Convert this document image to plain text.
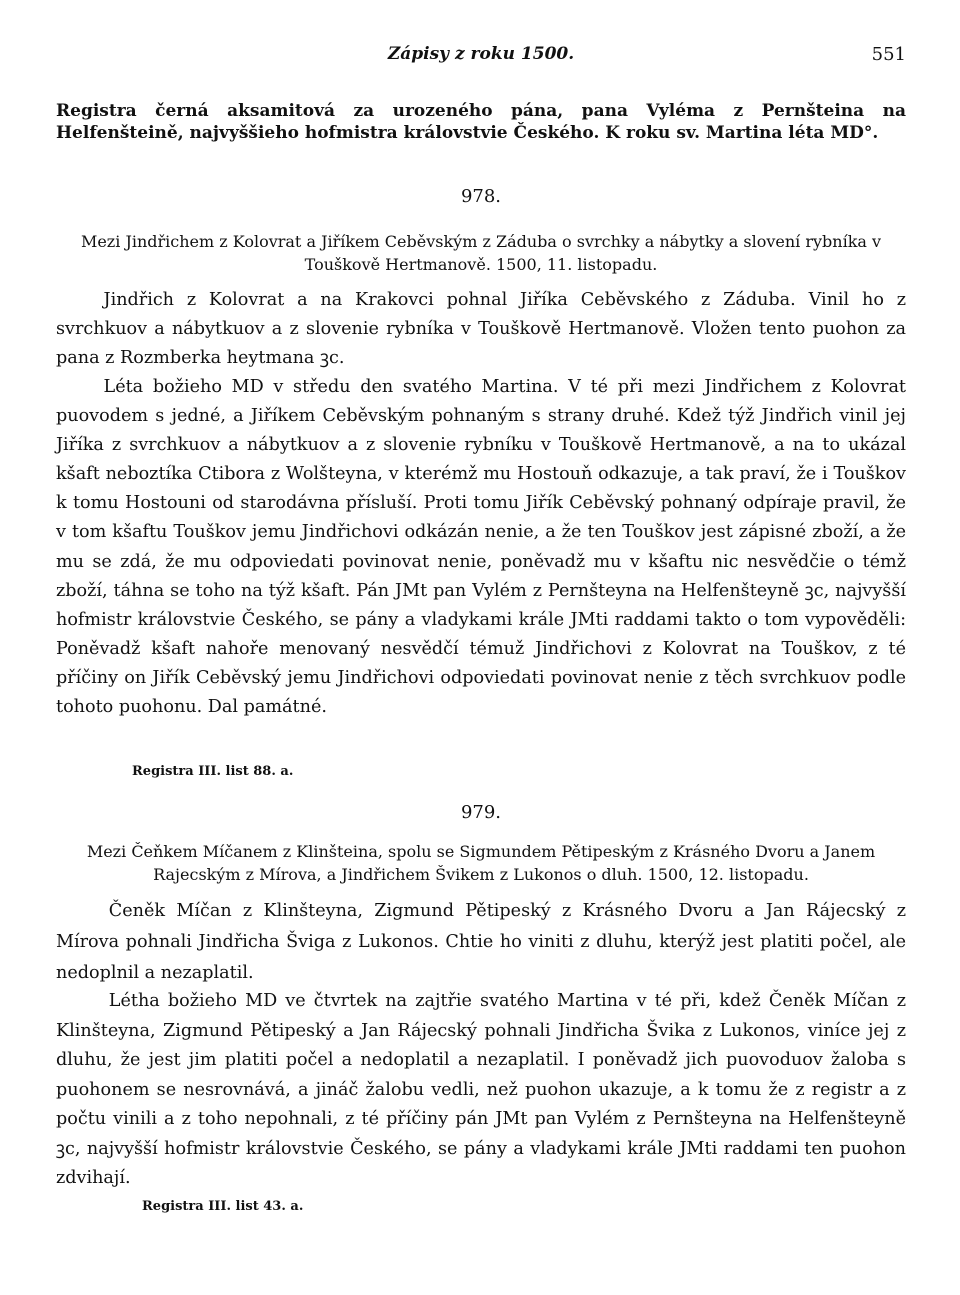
Zápisy z roku 1500.	551
Registra černá aksamitová za urozeného pána, pana Vyléma z Pernšteina na Helfenšteině, najvyššieho hofmistra královstvie Českého. K roku sv. Martina léta MD°.
978.
Mezi Jindřichem z Kolovrat a Jiříkem Ceběvským z Záduba o svrchky a nábytky a slovení rybníka v Touškově Hertmanově. 1500, 11. listopadu.
Jindřich z Kolovrat a na Krakovci pohnal Jiříka Ceběvského z Záduba. Vinil ho z svrchkuov a nábytkuov a z slovenie rybníka v Touškově Hertmanově. Vložen tento puohon za pana z Rozmberka heytmana ꝫc.
Léta božieho MD v středu den svatého Martina. V té při mezi Jindřichem z Kolovrat puovodem s jedné, a Jiříkem Ceběvským pohnaným s strany druhé. Kdež týž Jindřich vinil jej Jiříka z svrchkuov a nábytkuov a z slovenie rybníku v Touškově Hertmanově, a na to ukázal kšaft neboztíka Ctibora z Wolšteyna, v kterémž mu Hostouň odkazuje, a tak praví, že i Touškov k tomu Hostouni od starodávna přísluší. Proti tomu Jiřík Ceběvský pohnaný odpíraje pravil, že v tom kšaftu Touškov jemu Jindřichovi odkázán nenie, a že ten Touškov jest zápisné zboží, a že mu se zdá, že mu odpoviedati povinovat nenie, poněvadž mu v kšaftu nic nesvědčie o témž zboží, táhna se toho na týž kšaft. Pán JMt pan Vylém z Pernšteyna na Helfenšteyně ꝫc, najvyšší hofmistr královstvie Českého, se pány a vladykami krále JMti raddami takto o tom vypověděli: Poněvadž kšaft nahoře menovaný nesvědčí témuž Jindřichovi z Kolovrat na Touškov, z té příčiny on Jiřík Ceběvský jemu Jindřichovi odpoviedati povinovat nenie z těch svrchkuov podle tohoto puohonu. Dal památné.
Registra III. list 88. a.
979.
Mezi Čeňkem Míčanem z Klinšteina, spolu se Sigmundem Pětipeským z Krásného Dvoru a Janem Rajecským z Mírova, a Jindřichem Švikem z Lukonos o dluh. 1500, 12. listopadu.
Čeněk Míčan z Klinšteyna, Zigmund Pětipeský z Krásného Dvoru a Jan Rájecský z Mírova pohnali Jindřicha Šviga z Lukonos. Chtie ho viniti z dluhu, kterýž jest platiti počel, ale nedoplnil a nezaplatil.
Létha božieho MD ve čtvrtek na zajtřie svatého Martina v té při, kdež Čeněk Míčan z Klinšteyna, Zigmund Pětipeský a Jan Rájecský pohnali Jindřicha Švika z Lukonos, viníce jej z dluhu, že jest jim platiti počel a nedoplatil a nezaplatil. I poněvadž jich puovoduov žaloba s puohonem se nesrovnává, a jináč žalobu vedli, než puohon ukazuje, a k tomu že z registr a z počtu vinili a z toho nepohnali, z té příčiny pán JMt pan Vylém z Pernšteyna na Helfenšteyně ꝫc, najvyšší hofmistr královstvie Českého, se pány a vladykami krále JMti raddami ten puohon zdvihají.
Registra III. list 43. a.
